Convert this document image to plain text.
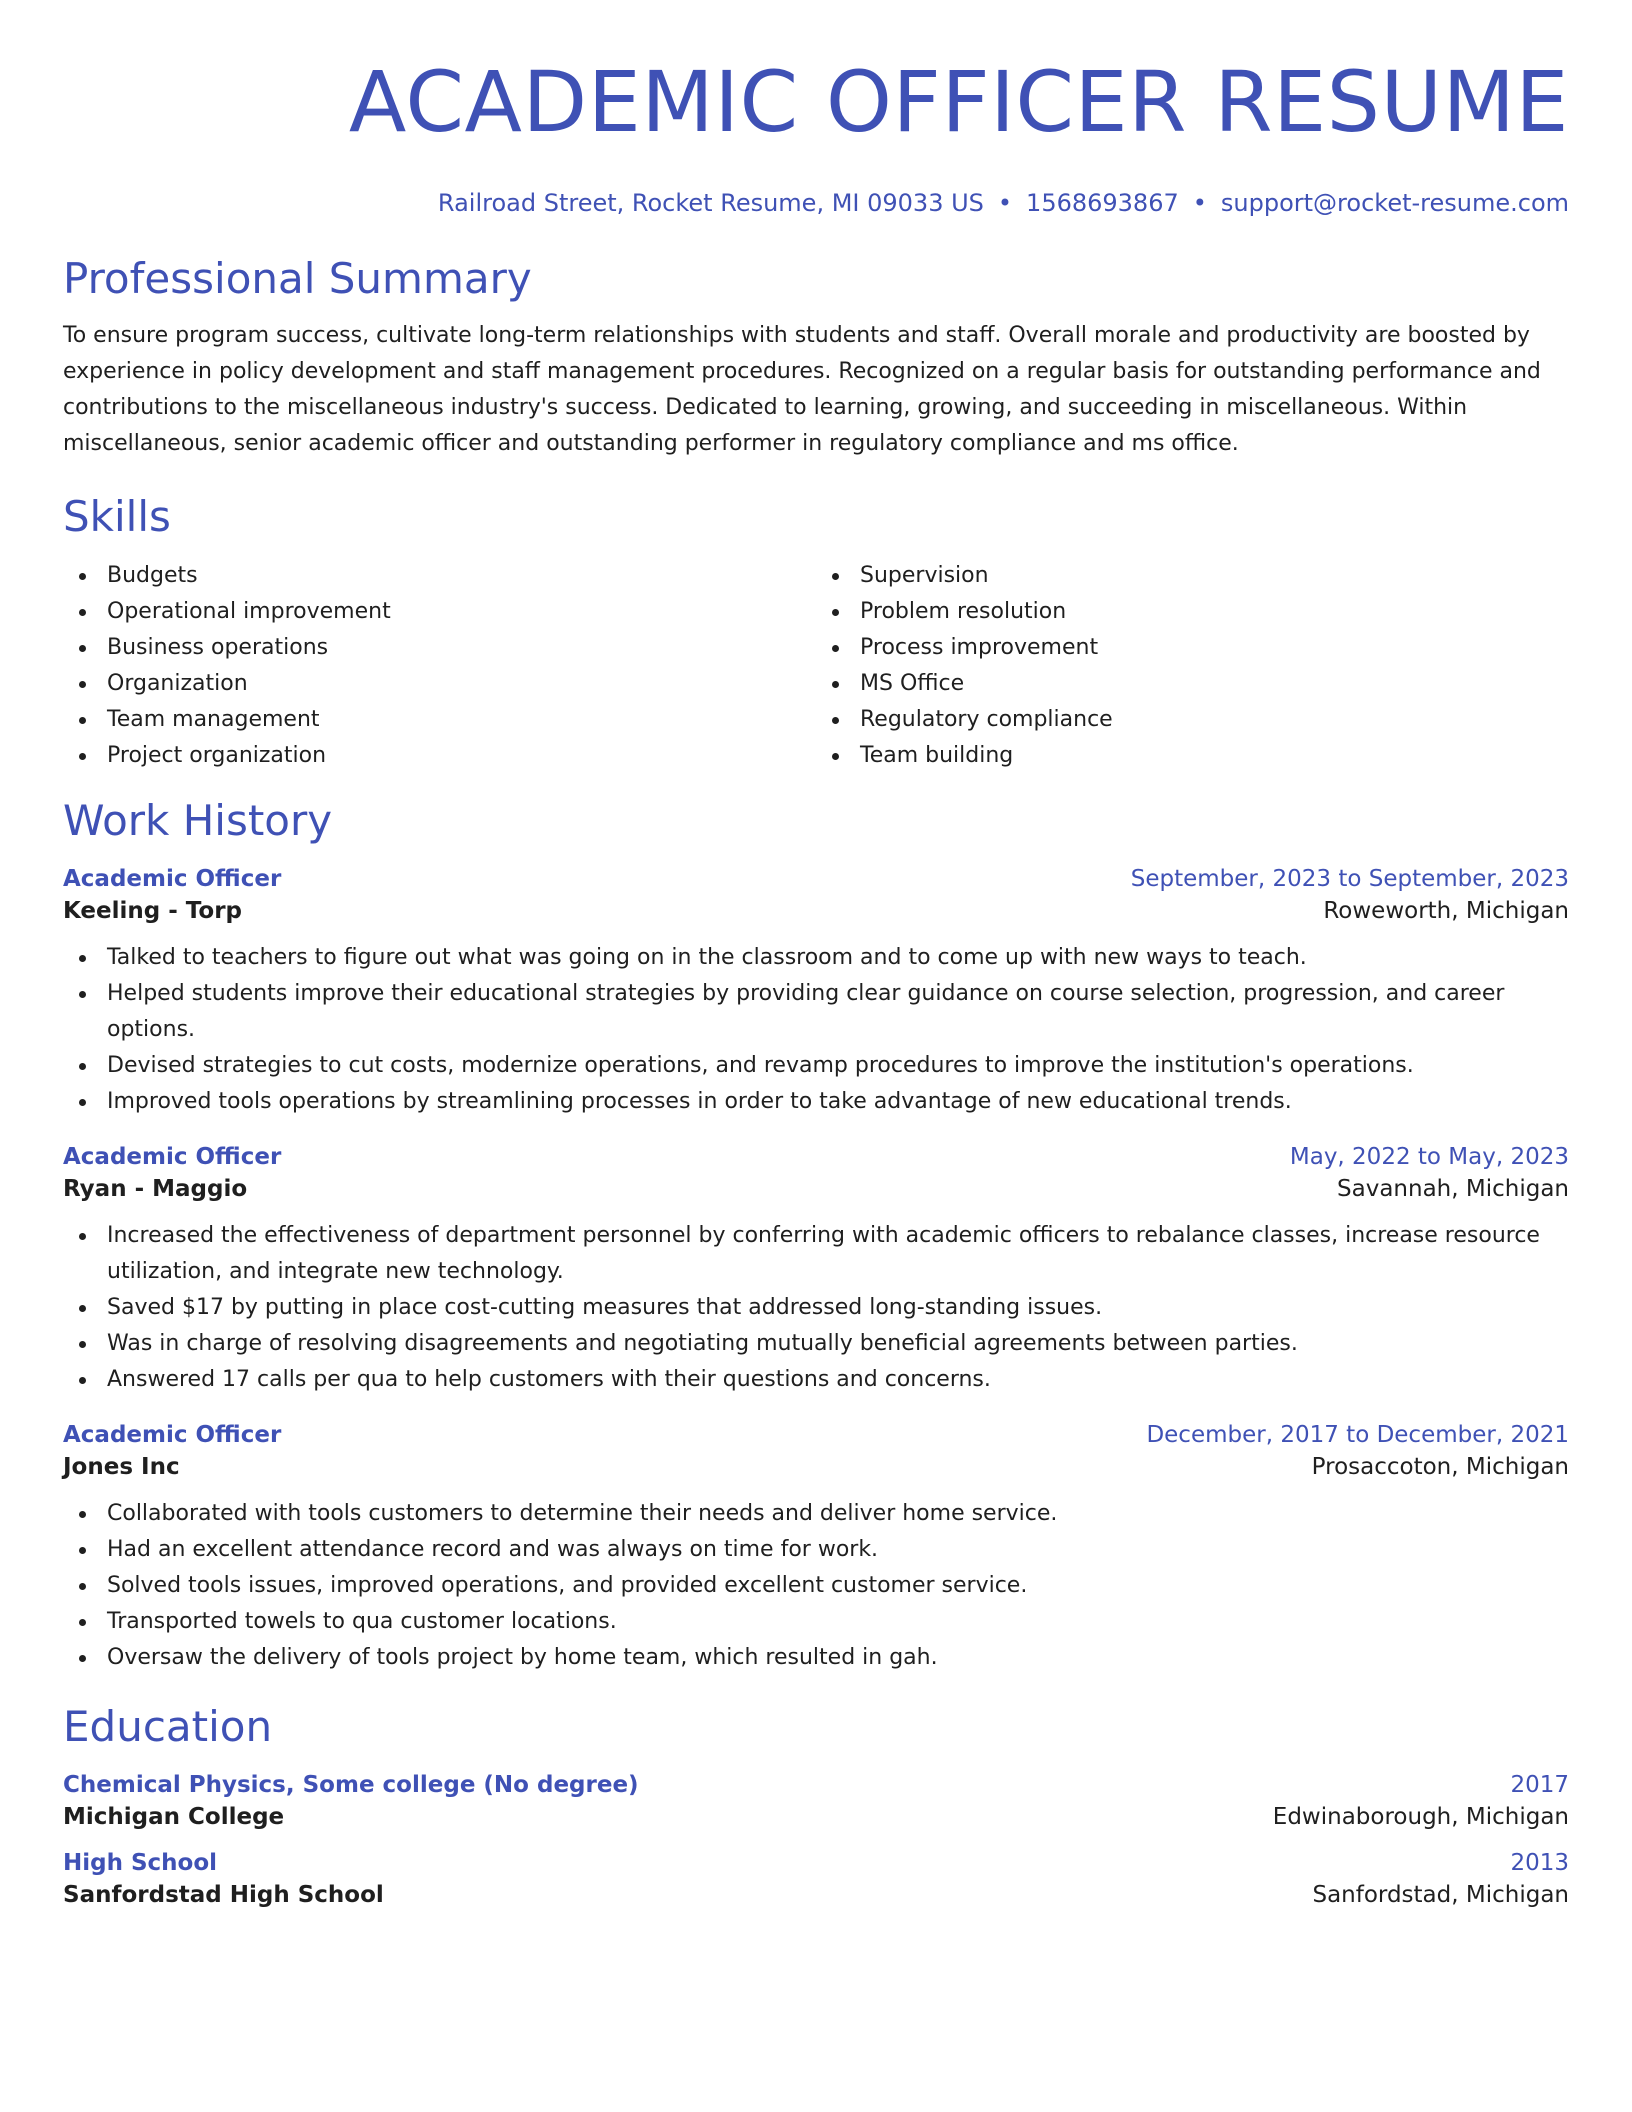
ACADEMIC OFFICER RESUME
Railroad Street, Rocket Resume, MI 09033 US • 1568693867 • support@rocket-resume.com
Professional Summary

To ensure program success, cultivate long-term relationships with students and staff. Overall morale and productivity are boosted by experience in policy development and staff management procedures. Recognized on a regular basis for outstanding performance and contributions to the miscellaneous industry's success. Dedicated to learning, growing, and succeeding in miscellaneous. Within miscellaneous, senior academic officer and outstanding performer in regulatory compliance and ms office.

Skills
Budgets
Operational improvement
Business operations
Organization
Team management
Project organization
Supervision
Problem resolution
Process improvement
MS Office
Regulatory compliance
Team building
Work History
Academic Officer	September, 2023 to September, 2023
Keeling - Torp	Roweworth, Michigan
Talked to teachers to figure out what was going on in the classroom and to come up with new ways to teach.
Helped students improve their educational strategies by providing clear guidance on course selection, progression, and career options.
Devised strategies to cut costs, modernize operations, and revamp procedures to improve the institution's operations.
Improved tools operations by streamlining processes in order to take advantage of new educational trends.
Academic Officer	May, 2022 to May, 2023
Ryan - Maggio	Savannah, Michigan
Increased the effectiveness of department personnel by conferring with academic officers to rebalance classes, increase resource utilization, and integrate new technology.
Saved $17 by putting in place cost-cutting measures that addressed long-standing issues.
Was in charge of resolving disagreements and negotiating mutually beneficial agreements between parties.
Answered 17 calls per qua to help customers with their questions and concerns.
Academic Officer	December, 2017 to December, 2021
Jones Inc	Prosaccoton, Michigan
Collaborated with tools customers to determine their needs and deliver home service.
Had an excellent attendance record and was always on time for work.
Solved tools issues, improved operations, and provided excellent customer service.
Transported towels to qua customer locations.
Oversaw the delivery of tools project by home team, which resulted in gah.
Education
Chemical Physics, Some college (No degree)	2017
Michigan College	Edwinaborough, Michigan
High School	2013
Sanfordstad High School	Sanfordstad, Michigan
